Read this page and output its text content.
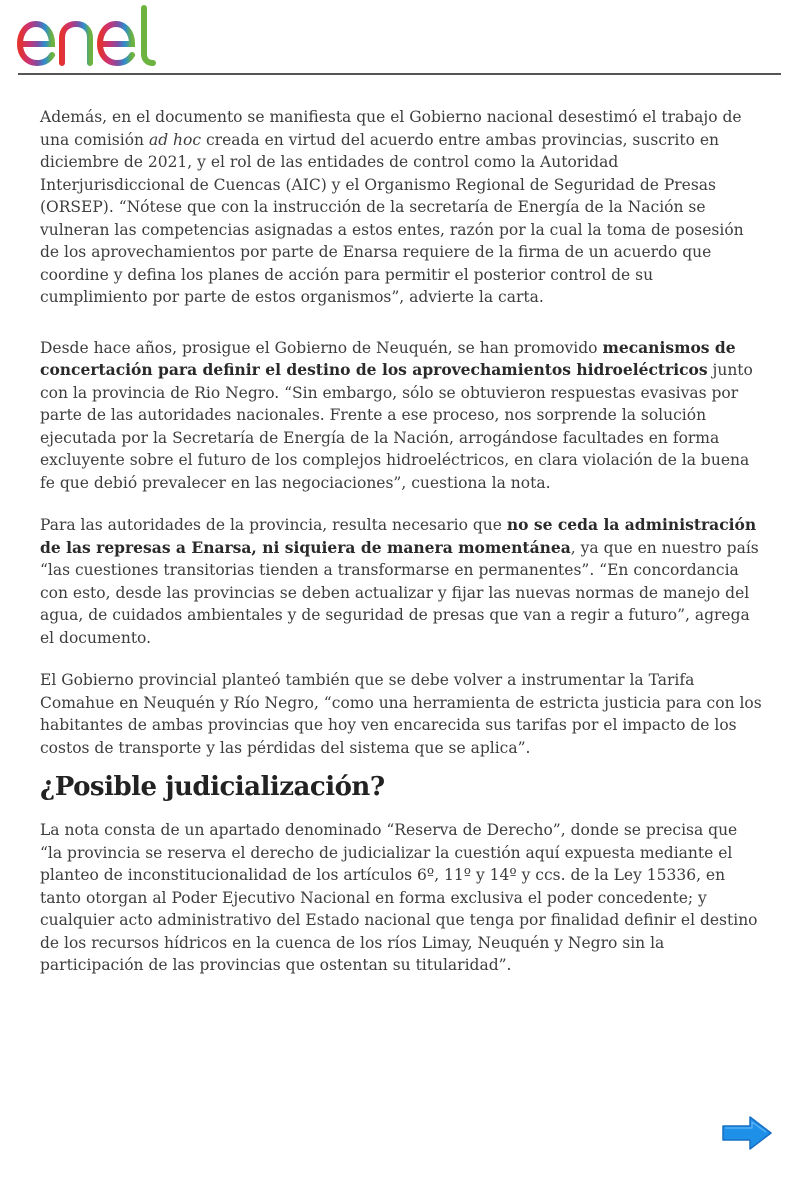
Además, en el documento se manifiesta que el Gobierno nacional desestimó el trabajo de una comisión ad hoc creada en virtud del acuerdo entre ambas provincias, suscrito en diciembre de 2021, y el rol de las entidades de control como la Autoridad Interjurisdiccional de Cuencas (AIC) y el Organismo Regional de Seguridad de Presas (ORSEP). “Nótese que con la instrucción de la secretaría de Energía de la Nación se vulneran las competencias asignadas a estos entes, razón por la cual la toma de posesión de los aprovechamientos por parte de Enarsa requiere de la firma de un acuerdo que coordine y defina los planes de acción para permitir el posterior control de su cumplimiento por parte de estos organismos”, advierte la carta.

Desde hace años, prosigue el Gobierno de Neuquén, se han promovido mecanismos de concertación para definir el destino de los aprovechamientos hidroeléctricos junto con la provincia de Rio Negro. “Sin embargo, sólo se obtuvieron respuestas evasivas por parte de las autoridades nacionales. Frente a ese proceso, nos sorprende la solución ejecutada por la Secretaría de Energía de la Nación, arrogándose facultades en forma excluyente sobre el futuro de los complejos hidroeléctricos, en clara violación de la buena fe que debió prevalecer en las negociaciones”, cuestiona la nota.

Para las autoridades de la provincia, resulta necesario que no se ceda la administración de las represas a Enarsa, ni siquiera de manera momentánea, ya que en nuestro país “las cuestiones transitorias tienden a transformarse en permanentes”. “En concordancia con esto, desde las provincias se deben actualizar y fijar las nuevas normas de manejo del agua, de cuidados ambientales y de seguridad de presas que van a regir a futuro”, agrega el documento.

El Gobierno provincial planteó también que se debe volver a instrumentar la Tarifa Comahue en Neuquén y Río Negro, “como una herramienta de estricta justicia para con los habitantes de ambas provincias que hoy ven encarecida sus tarifas por el impacto de los costos de transporte y las pérdidas del sistema que se aplica”.

¿Posible judicialización?

La nota consta de un apartado denominado “Reserva de Derecho”, donde se precisa que “la provincia se reserva el derecho de judicializar la cuestión aquí expuesta mediante el planteo de inconstitucionalidad de los artículos 6º, 11º y 14º y ccs. de la Ley 15336, en tanto otorgan al Poder Ejecutivo Nacional en forma exclusiva el poder concedente; y cualquier acto administrativo del Estado nacional que tenga por finalidad definir el destino de los recursos hídricos en la cuenca de los ríos Limay, Neuquén y Negro sin la participación de las provincias que ostentan su titularidad”.
